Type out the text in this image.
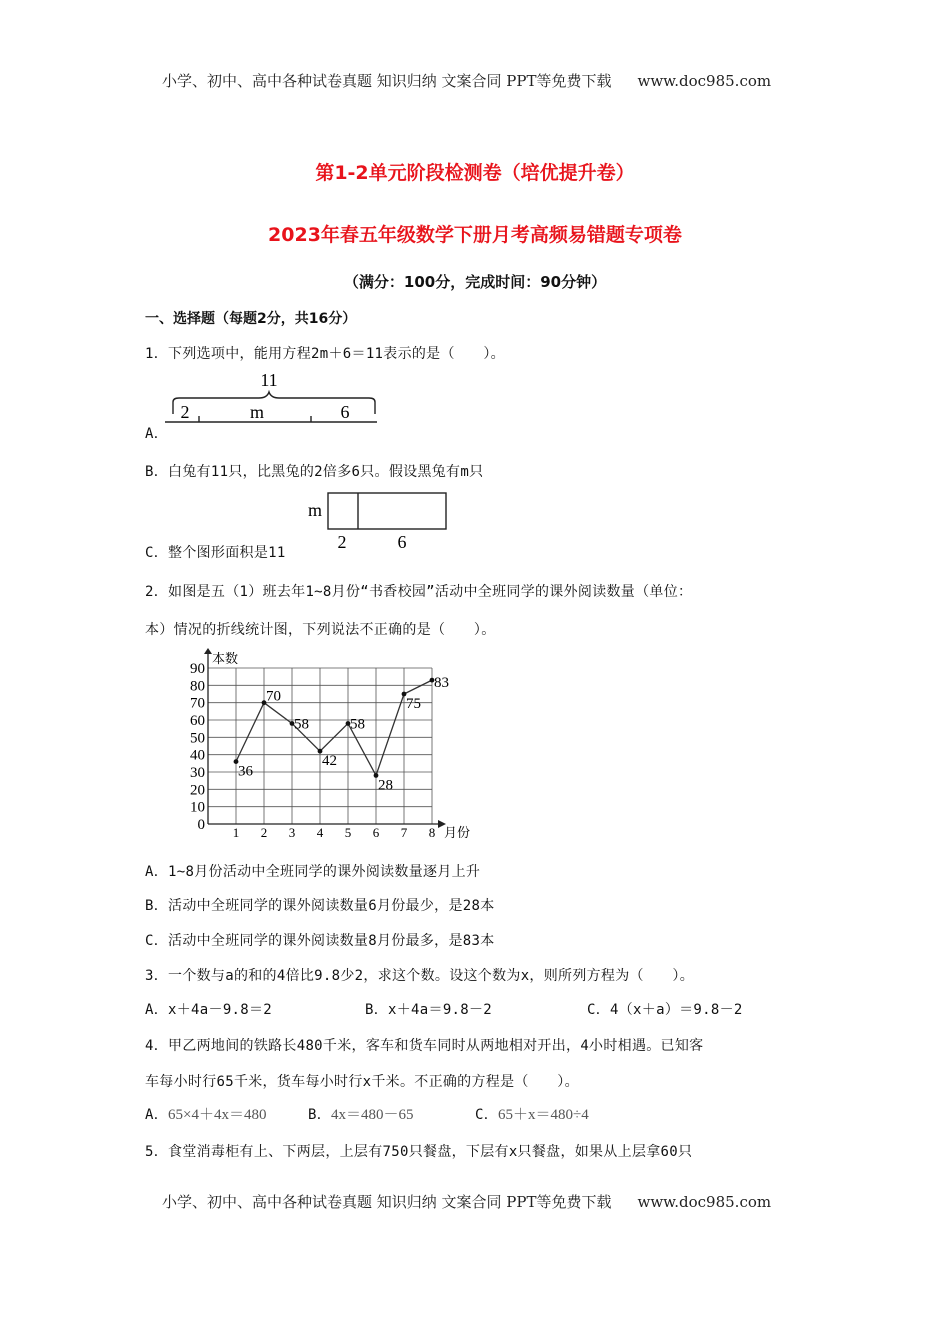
小学、初中、高中各种试卷真题 知识归纳 文案合同 PPT等免费下载 www.doc985.com
第1-2单元阶段检测卷（培优提升卷）
2023年春五年级数学下册月考高频易错题专项卷
（满分：100分，完成时间：90分钟）
一、选择题（每题2分，共16分）
1．下列选项中，能用方程2m＋6＝11表示的是（　　）。
11
2	m	6
A．
B．白兔有11只，比黑兔的2倍多6只。假设黑兔有m只
m
2	6
C．整个图形面积是11
2．如图是五（1）班去年1~8月份“书香校园”活动中全班同学的课外阅读数量（单位：
本）情况的折线统计图，下列说法不正确的是（　　）。
本数
月份
0
10
20
30
40
50
60
70
80
90
1 2 3 4 5 6 7 8
36
70
58
42
58
28
75
83
A．1~8月份活动中全班同学的课外阅读数量逐月上升
B．活动中全班同学的课外阅读数量6月份最少，是28本
C．活动中全班同学的课外阅读数量8月份最多，是83本
3．一个数与a的和的4倍比9.8少2，求这个数。设这个数为x，则所列方程为（　　）。
A．x＋4a－9.8＝2	B．x＋4a＝9.8－2	C．4（x＋a）＝9.8－2
4．甲乙两地间的铁路长480千米，客车和货车同时从两地相对开出，4小时相遇。已知客
车每小时行65千米，货车每小时行x千米。不正确的方程是（　　）。
A．65×4＋4x＝480	B．4x＝480－65	C．65＋x＝480÷4
5．食堂消毒柜有上、下两层，上层有750只餐盘，下层有x只餐盘，如果从上层拿60只
小学、初中、高中各种试卷真题 知识归纳 文案合同 PPT等免费下载 www.doc985.com
